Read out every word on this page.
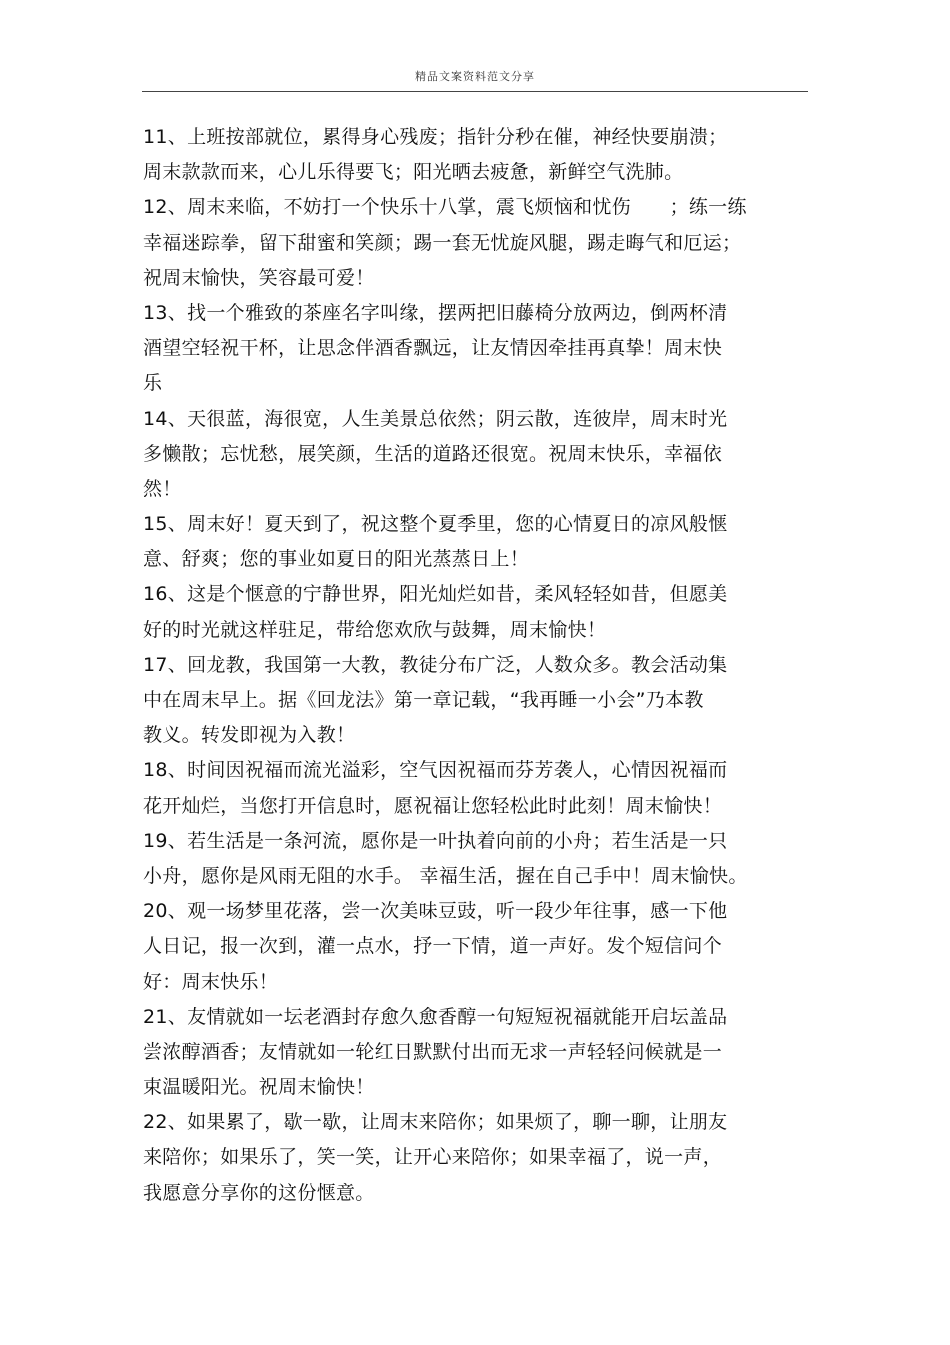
精品文案资料范文分享
11、上班按部就位，累得身心残废；指针分秒在催，神经快要崩溃；
周末款款而来，心儿乐得要飞；阳光晒去疲惫，新鲜空气洗肺。
12、周末来临，不妨打一个快乐十八掌，震飞烦恼和忧伤　　；练一练
幸福迷踪拳，留下甜蜜和笑颜；踢一套无忧旋风腿，踢走晦气和厄运；
祝周末愉快，笑容最可爱！
13、找一个雅致的茶座名字叫缘，摆两把旧藤椅分放两边，倒两杯清
酒望空轻祝干杯，让思念伴酒香飘远，让友情因牵挂再真挚！周末快
乐
14、天很蓝，海很宽，人生美景总依然；阴云散，连彼岸，周末时光
多懒散；忘忧愁，展笑颜，生活的道路还很宽。祝周末快乐，幸福依
然！
15、周末好！夏天到了，祝这整个夏季里，您的心情夏日的凉风般惬
意、舒爽；您的事业如夏日的阳光蒸蒸日上！
16、这是个惬意的宁静世界，阳光灿烂如昔，柔风轻轻如昔，但愿美
好的时光就这样驻足，带给您欢欣与鼓舞，周末愉快！
17、回龙教，我国第一大教，教徒分布广泛，人数众多。教会活动集
中在周末早上。据《回龙法》第一章记载，“我再睡一小会”乃本教
教义。转发即视为入教！
18、时间因祝福而流光溢彩，空气因祝福而芬芳袭人，心情因祝福而
花开灿烂，当您打开信息时，愿祝福让您轻松此时此刻！周末愉快！
19、若生活是一条河流，愿你是一叶执着向前的小舟；若生活是一只
小舟，愿你是风雨无阻的水手。 幸福生活，握在自己手中！周末愉快。
20、观一场梦里花落，尝一次美味豆豉，听一段少年往事，感一下他
人日记，报一次到，灌一点水，抒一下情，道一声好。发个短信问个
好：周末快乐！
21、友情就如一坛老酒封存愈久愈香醇一句短短祝福就能开启坛盖品
尝浓醇酒香；友情就如一轮红日默默付出而无求一声轻轻问候就是一
束温暖阳光。祝周末愉快！
22、如果累了，歇一歇，让周末来陪你；如果烦了，聊一聊，让朋友
来陪你；如果乐了，笑一笑，让开心来陪你；如果幸福了，说一声，
我愿意分享你的这份惬意。
